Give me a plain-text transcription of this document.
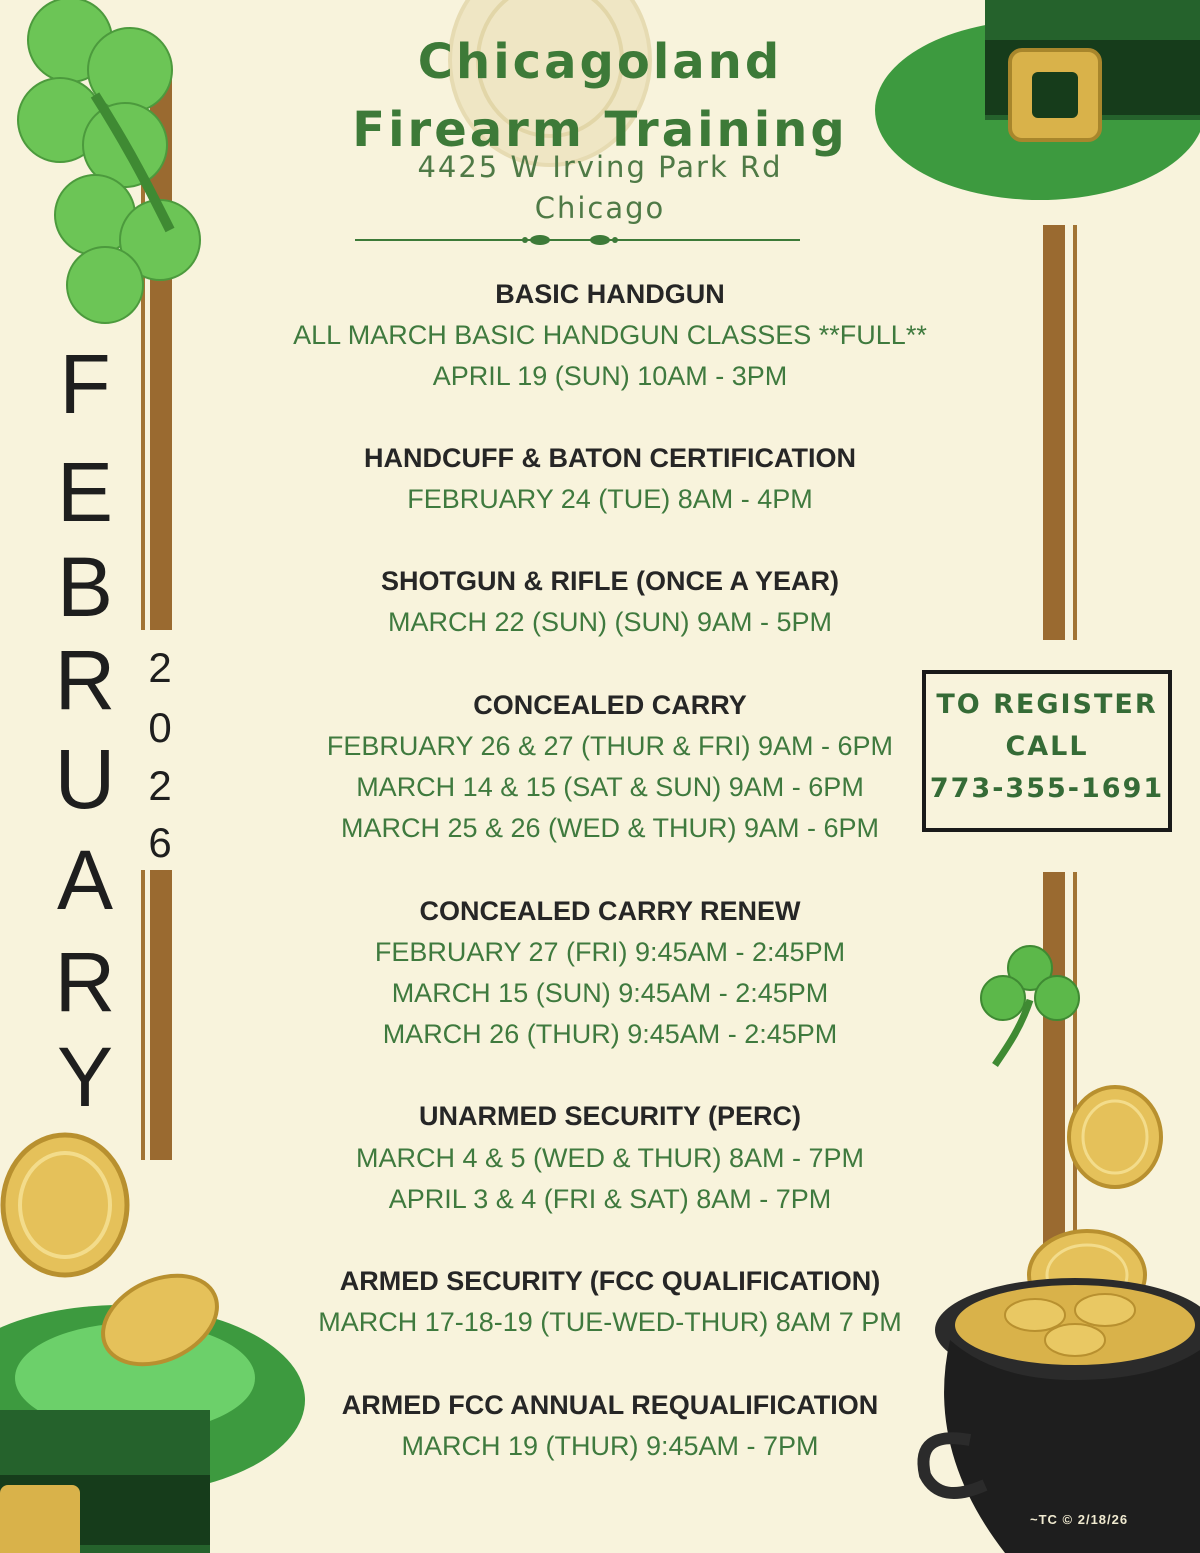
Chicagoland
Firearm Training
4425 W Irving Park Rd
Chicago
F
E
B
R
U
A
R
Y
2
0
2
6
BASIC HANDGUN
ALL MARCH BASIC HANDGUN CLASSES **FULL**
APRIL 19 (SUN) 10AM - 3PM
HANDCUFF & BATON CERTIFICATION
FEBRUARY 24 (TUE) 8AM - 4PM
SHOTGUN & RIFLE (ONCE A YEAR)
MARCH 22 (SUN) (SUN) 9AM - 5PM
CONCEALED CARRY
FEBRUARY 26 & 27 (THUR & FRI) 9AM - 6PM
MARCH 14 & 15 (SAT & SUN) 9AM - 6PM
MARCH 25 & 26 (WED & THUR) 9AM - 6PM
CONCEALED CARRY RENEW
FEBRUARY 27 (FRI) 9:45AM - 2:45PM
MARCH 15 (SUN) 9:45AM - 2:45PM
MARCH 26 (THUR) 9:45AM - 2:45PM
UNARMED SECURITY (PERC)
MARCH 4 & 5 (WED & THUR) 8AM - 7PM
APRIL 3 & 4 (FRI & SAT) 8AM - 7PM
ARMED SECURITY (FCC QUALIFICATION)
MARCH 17-18-19 (TUE-WED-THUR) 8AM 7 PM
ARMED FCC ANNUAL REQUALIFICATION
MARCH 19 (THUR) 9:45AM - 7PM
TO REGISTER
CALL
773-355-1691
~TC © 2/18/26
